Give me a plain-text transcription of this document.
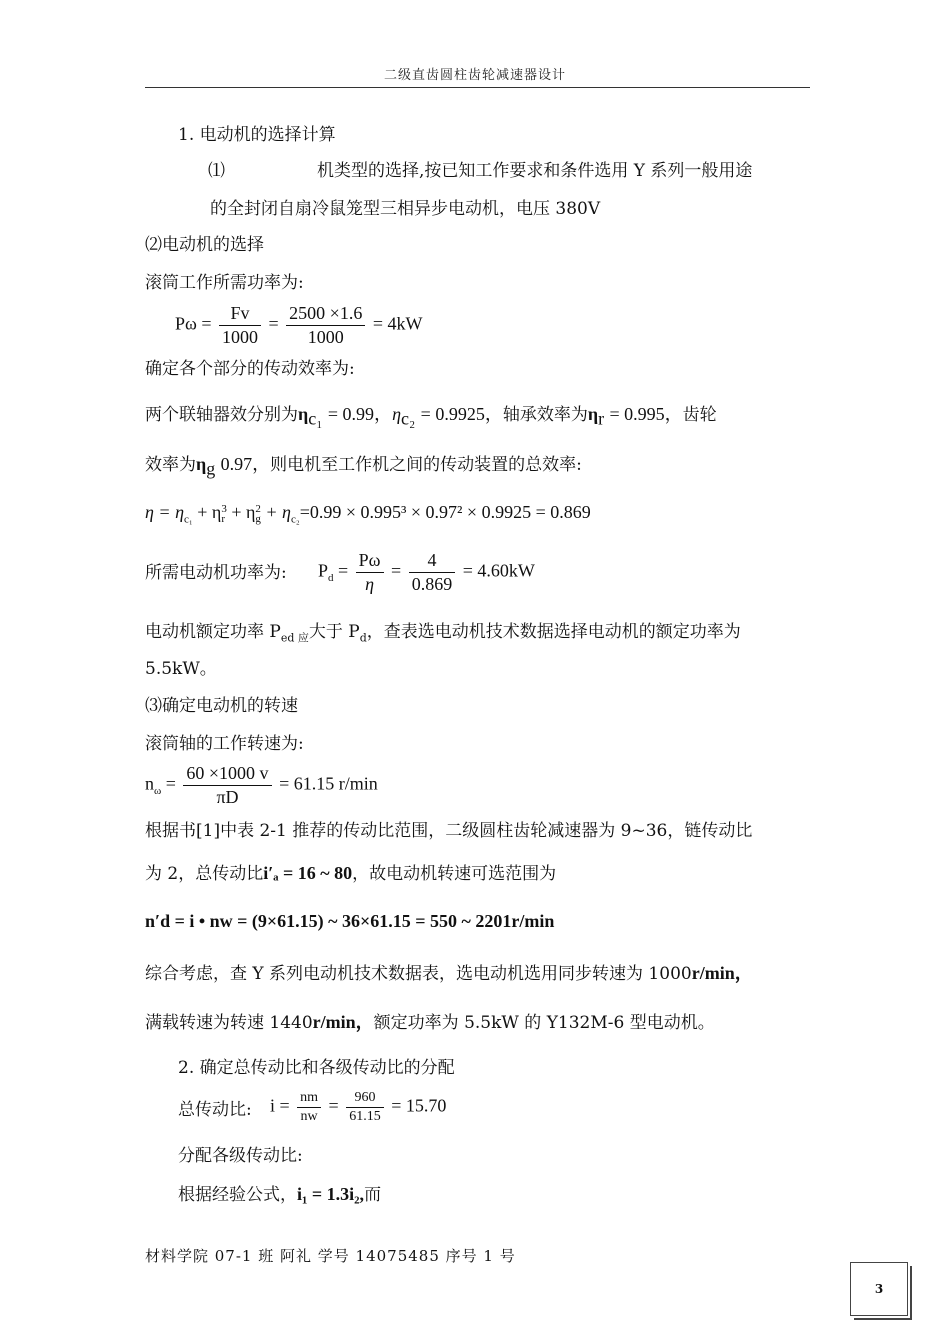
二级直齿圆柱齿轮减速器设计
1. 电动机的选择计算
⑴	机类型的选择,按已知工作要求和条件选用 Y 系列一般用途
的全封闭自扇冷鼠笼型三相异步电动机，电压 380V
⑵电动机的选择
滚筒工作所需功率为:
$P\omega = \frac{Fv}{1000} = \frac{2500 \times 1.6}{1000} = 4kW$
确定各个部分的传动效率为:
两个联轴器效分别为$\eta_{c_1} = 0.99$，$\eta_{c_2} = 0.9925$，轴承效率为$\eta_r = 0.995$，齿轮
效率为$\eta_g$ 0.97，则电机至工作机之间的传动装置的总效率:
$\eta = \eta_{c_1} + \eta$ 3
r + η 2
$g + \eta_{c_2}=0.99 \times 0.995^3 \times 0.97^2 \times 0.9925 = 0.869$
所需电动机功率为: $P_d = \frac{P\omega}{\eta} = \frac{4}{0.869} = 4.60kW$
电动机额定功率 $P_{ed 应}$大于 $P_d$，查表选电动机技术数据选择电动机的额定功率为
5.5kW。
⑶确定电动机的转速
滚筒轴的工作转速为:
$n_\omega = \frac{60 \times 1000 v}{\pi D} = 61.15$ r/min
根据书[1]中表 2-1 推荐的传动比范围，二级圆柱齿轮减速器为 9~36，链传动比
为 2，总传动比i′ₐ = 16 ~ 80，故电动机转速可选范围为
n′d = i • nw = (9×61.15) ~ 36×61.15 = 550 ~ 2201r/min
综合考虑，查 Y 系列电动机技术数据表，选电动机选用同步转速为 1000r/min，
满载转速为转速 1440r/min，额定功率为 5.5kW 的 Y132M-6 型电动机。
2. 确定总传动比和各级传动比的分配
总传动比: $i = \frac{nm}{nw} = \frac{960}{61.15} = 15.70$
分配各级传动比:
根据经验公式，i₁ = 1.3i₂,而
材料学院 07-1 班 阿礼 学号 14075485 序号 1 号
3
